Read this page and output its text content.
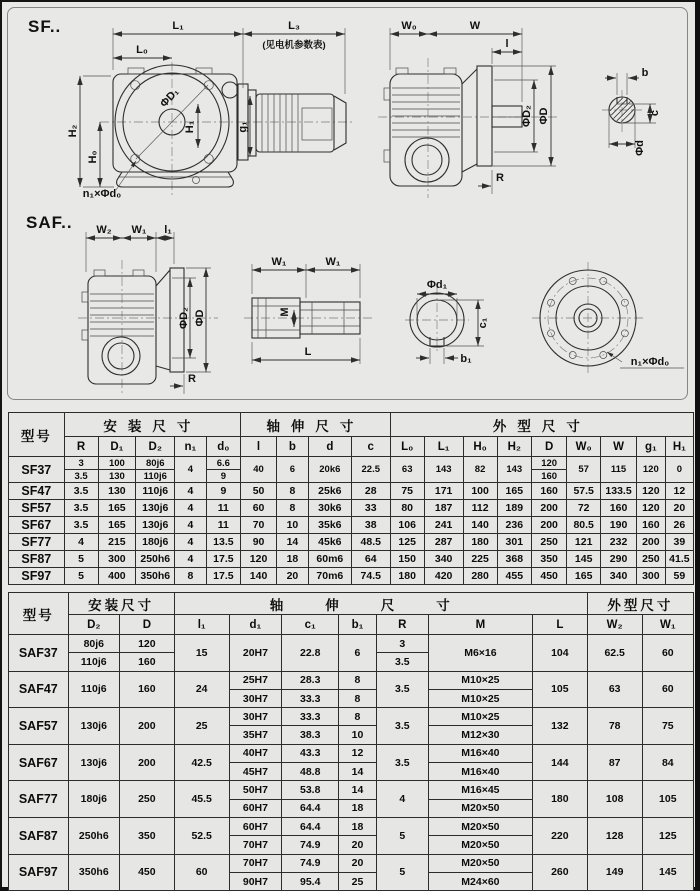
SF..
SAF..
L₁	L₃
(见电机参数表)
L₀
H₂
H₀
H₁
ΦD₁
g₁
n₁×Φd₀
W₀	W
l
ΦD₂ ΦD
R
b
c
Φd
W₂ W₁ l₁
ΦD₂ ΦD
R
W₁	W₁
M
L
Φd₁
c₁
b₁	n₁×Φd₀
型号	安装尺寸					轴伸尺寸				外型尺寸								
	R	D₁	D₂	n₁	d₀	l	b	d	c	L₀	L₁	H₀	H₂	D	W₀	W	g₁	H₁
SF37	3	100	80j6	4	6.6	40	6	20k6	22.5	63	143	82	143	120	57	115	120	0
	3.5	130	110j6		9									160				
SF47	3.5	130	110j6	4	9	50	8	25k6	28	75	171	100	165	160	57.5	133.5	120	12
SF57	3.5	165	130j6	4	11	60	8	30k6	33	80	187	112	189	200	72	160	120	20
SF67	3.5	165	130j6	4	11	70	10	35k6	38	106	241	140	236	200	80.5	190	160	26
SF77	4	215	180j6	4	13.5	90	14	45k6	48.5	125	287	180	301	250	121	232	200	39
SF87	5	300	250h6	4	17.5	120	18	60m6	64	150	340	225	368	350	145	290	250	41.5
SF97	5	400	350h6	8	17.5	140	20	70m6	74.5	180	420	280	455	450	165	340	300	59
型号	安装尺寸		轴伸尺寸							外型尺寸	
	D₂	D	l₁	d₁	c₁	b₁	R	M	L	W₂	W₁
SAF37	80j6	120	15	20H7	22.8	6	3	M6×16	104	62.5	60
	110j6	160					3.5				
SAF47	110j6	160	24	25H7	28.3	8	3.5	M10×25	105	63	60
				30H7	33.3	8		M10×25			
SAF57	130j6	200	25	30H7	33.3	8	3.5	M10×25	132	78	75
				35H7	38.3	10		M12×30			
SAF67	130j6	200	42.5	40H7	43.3	12	3.5	M16×40	144	87	84
				45H7	48.8	14		M16×40			
SAF77	180j6	250	45.5	50H7	53.8	14	4	M16×45	180	108	105
				60H7	64.4	18		M20×50			
SAF87	250h6	350	52.5	60H7	64.4	18	5	M20×50	220	128	125
				70H7	74.9	20		M20×50			
SAF97	350h6	450	60	70H7	74.9	20	5	M20×50	260	149	145
				90H7	95.4	25		M24×60			
